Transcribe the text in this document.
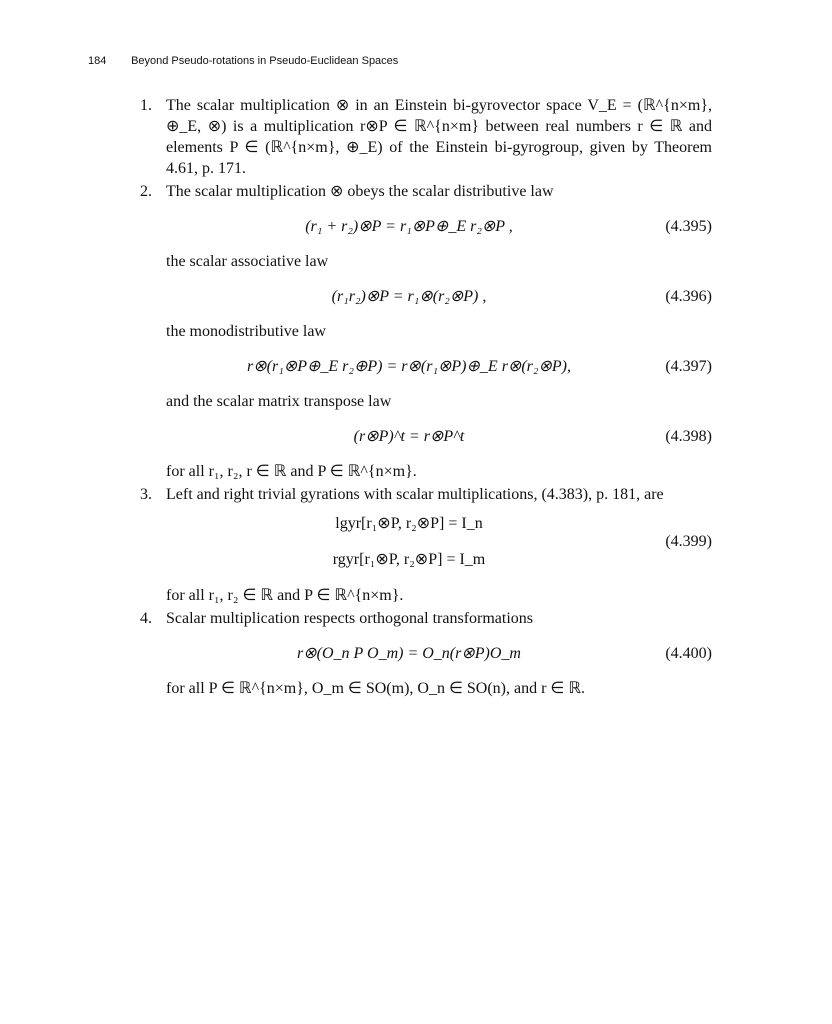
184 Beyond Pseudo-rotations in Pseudo-Euclidean Spaces
1. The scalar multiplication ⊗ in an Einstein bi-gyrovector space V_E = (ℝ^{n×m}, ⊕_E, ⊗) is a multiplication r⊗P ∈ ℝ^{n×m} between real numbers r ∈ ℝ and elements P ∈ (ℝ^{n×m}, ⊕_E) of the Einstein bi-gyrogroup, given by Theorem 4.61, p. 171.
2. The scalar multiplication ⊗ obeys the scalar distributive law
(r₁ + r₂)⊗P = r₁⊗P⊕_E r₂⊗P ,	(4.395)
the scalar associative law
(r₁r₂)⊗P = r₁⊗(r₂⊗P) ,	(4.396)
the monodistributive law
r⊗(r₁⊗P⊕_E r₂⊕P) = r⊗(r₁⊗P)⊕_E r⊗(r₂⊗P),	(4.397)
and the scalar matrix transpose law
(r⊗P)^t = r⊗P^t	(4.398)
for all r₁, r₂, r ∈ ℝ and P ∈ ℝ^{n×m}.
3. Left and right trivial gyrations with scalar multiplications, (4.383), p. 181, are
lgyr[r₁⊗P, r₂⊗P] = I_n
rgyr[r₁⊗P, r₂⊗P] = I_m
(4.399)
for all r₁, r₂ ∈ ℝ and P ∈ ℝ^{n×m}.
4. Scalar multiplication respects orthogonal transformations
r⊗(O_n P O_m) = O_n(r⊗P)O_m	(4.400)
for all P ∈ ℝ^{n×m}, O_m ∈ SO(m), O_n ∈ SO(n), and r ∈ ℝ.
